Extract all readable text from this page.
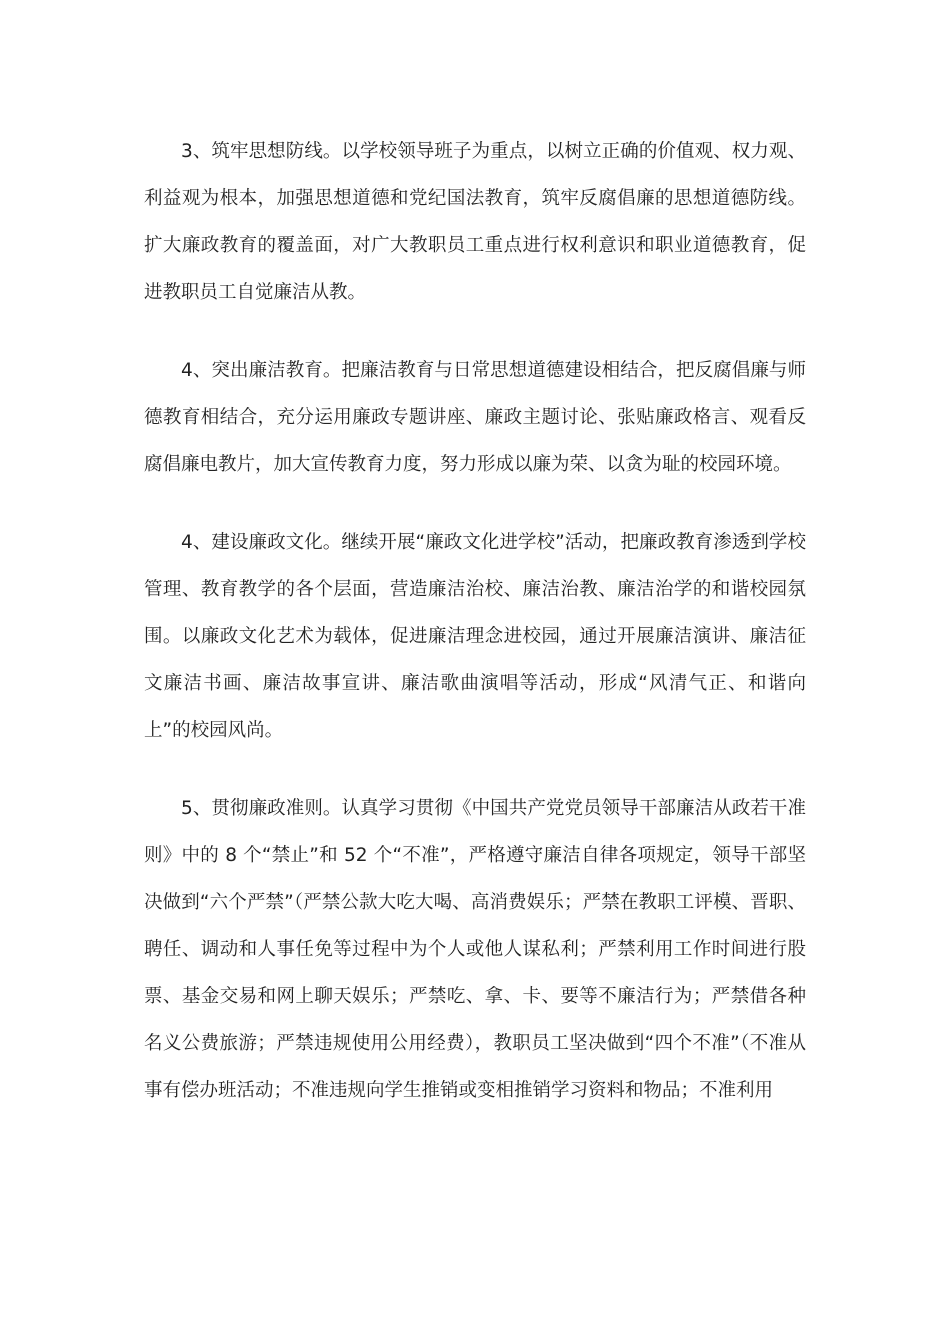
3、筑牢思想防线。以学校领导班子为重点，以树立正确的价值观、权力观、利益观为根本，加强思想道德和党纪国法教育，筑牢反腐倡廉的思想道德防线。扩大廉政教育的覆盖面，对广大教职员工重点进行权利意识和职业道德教育，促进教职员工自觉廉洁从教。

4、突出廉洁教育。把廉洁教育与日常思想道德建设相结合，把反腐倡廉与师德教育相结合，充分运用廉政专题讲座、廉政主题讨论、张贴廉政格言、观看反腐倡廉电教片，加大宣传教育力度，努力形成以廉为荣、以贪为耻的校园环境。

4、建设廉政文化。继续开展“廉政文化进学校”活动，把廉政教育渗透到学校管理、教育教学的各个层面，营造廉洁治校、廉洁治教、廉洁治学的和谐校园氛围。以廉政文化艺术为载体，促进廉洁理念进校园，通过开展廉洁演讲、廉洁征文廉洁书画、廉洁故事宣讲、廉洁歌曲演唱等活动，形成“风清气正、和谐向上”的校园风尚。

5、贯彻廉政准则。认真学习贯彻《中国共产党党员领导干部廉洁从政若干准则》中的 8 个“禁止”和 52 个“不准”，严格遵守廉洁自律各项规定，领导干部坚决做到“六个严禁”（严禁公款大吃大喝、高消费娱乐；严禁在教职工评模、晋职、聘任、调动和人事任免等过程中为个人或他人谋私利；严禁利用工作时间进行股票、基金交易和网上聊天娱乐；严禁吃、拿、卡、要等不廉洁行为；严禁借各种名义公费旅游；严禁违规使用公用经费），教职员工坚决做到“四个不准”（不准从事有偿办班活动；不准违规向学生推销或变相推销学习资料和物品；不准利用
